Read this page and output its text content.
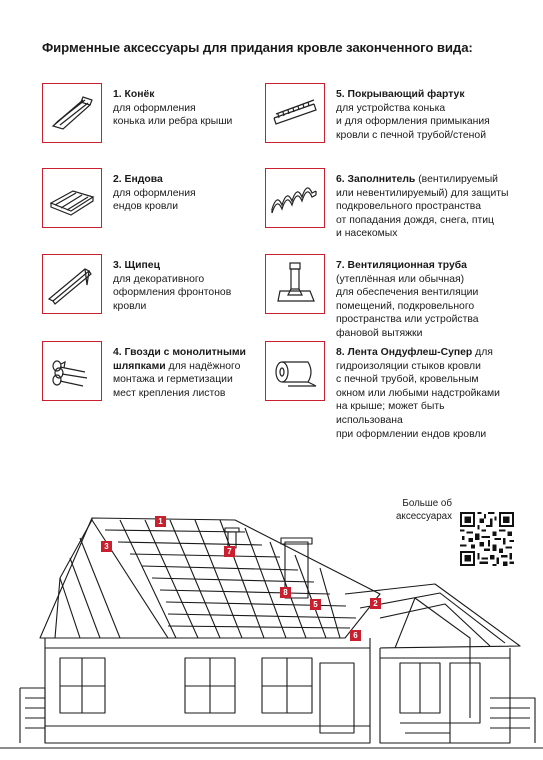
Фирменные аксессуары для придания кровле законченного вида:
1. Конёк
для оформления
конька или ребра крыши
2. Ендова
для оформления
ендов кровли
3. Щипец
для декоративного
оформления фронтонов
кровли
4. Гвозди с монолитными
шляпками для надёжного
монтажа и герметизации
мест крепления листов
5. Покрывающий фартук
для устройства конька
и для оформления примыкания
кровли с печной трубой/стеной
6. Заполнитель (вентилируемый
или невентилируемый) для защиты
подкровельного пространства
от попадания дождя, снега, птиц
и насекомых
7. Вентиляционная труба
(утеплённая или обычная)
для обеспечения вентиляции
помещений, подкровельного
пространства или устройства
фановой вытяжки
8. Лента Ондуфлеш-Супер для
гидроизоляции стыков кровли
с печной трубой, кровельным
окном или любыми надстройками
на крыше; может быть использована
при оформлении ендов кровли
Больше об
аксессуарах
1
3
7
8
5	2
6
